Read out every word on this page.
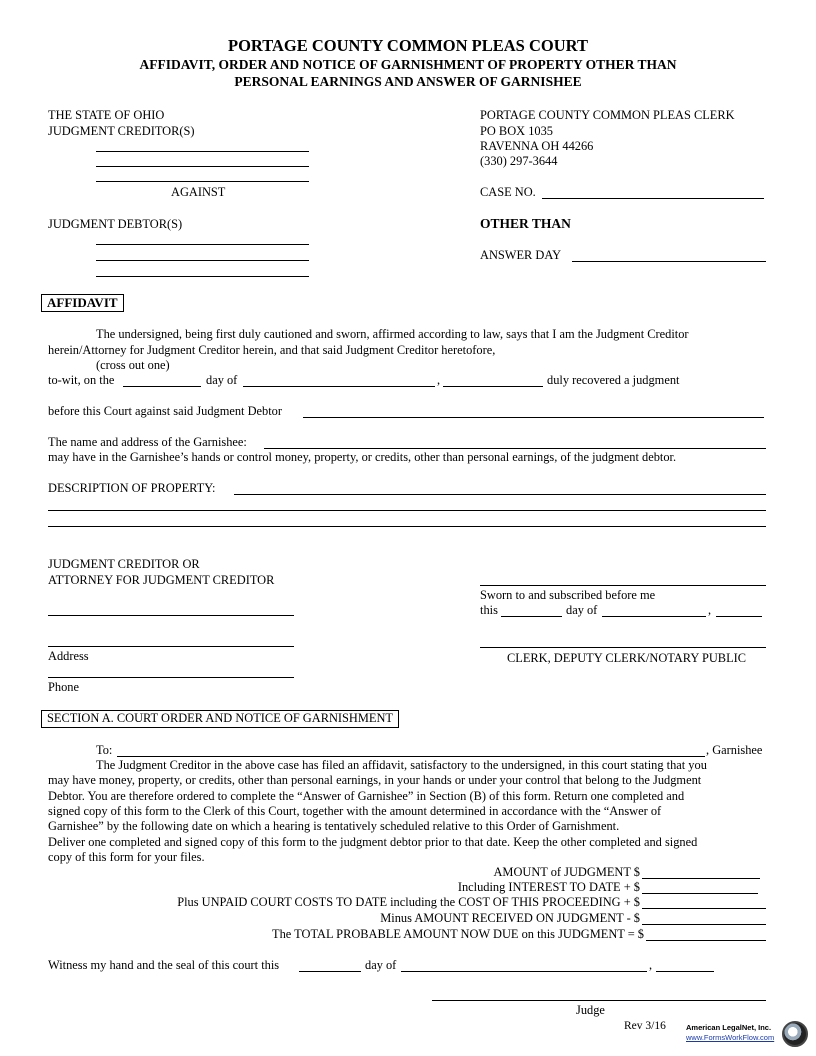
PORTAGE COUNTY COMMON PLEAS COURT
AFFIDAVIT, ORDER AND NOTICE OF GARNISHMENT OF PROPERTY OTHER THAN
PERSONAL EARNINGS AND ANSWER OF GARNISHEE
THE STATE OF OHIO
JUDGMENT CREDITOR(S)
AGAINST
JUDGMENT DEBTOR(S)
PORTAGE COUNTY COMMON PLEAS CLERK
PO BOX 1035
RAVENNA OH 44266
(330) 297-3644
CASE NO.
OTHER THAN
ANSWER DAY
AFFIDAVIT
The undersigned, being first duly cautioned and sworn, affirmed according to law, says that I am the Judgment Creditor
herein/Attorney for Judgment Creditor herein, and that said Judgment Creditor heretofore,
(cross out one)
to-wit, on the	day of	,	duly recovered a judgment
before this Court against said Judgment Debtor
The name and address of the Garnishee:
may have in the Garnishee’s hands or control money, property, or credits, other than personal earnings, of the judgment debtor.
DESCRIPTION OF PROPERTY:
JUDGMENT CREDITOR OR
ATTORNEY FOR JUDGMENT CREDITOR
Address
Phone
Sworn to and subscribed before me
this	day of	,
CLERK, DEPUTY CLERK/NOTARY PUBLIC
SECTION A. COURT ORDER AND NOTICE OF GARNISHMENT
To:	, Garnishee
The Judgment Creditor in the above case has filed an affidavit, satisfactory to the undersigned, in this court stating that you
may have money, property, or credits, other than personal earnings, in your hands or under your control that belong to the Judgment
Debtor. You are therefore ordered to complete the “Answer of Garnishee” in Section (B) of this form. Return one completed and
signed copy of this form to the Clerk of this Court, together with the amount determined in accordance with the “Answer of
Garnishee” by the following date on which a hearing is tentatively scheduled relative to this Order of Garnishment.
Deliver one completed and signed copy of this form to the judgment debtor prior to that date. Keep the other completed and signed
copy of this form for your files.
AMOUNT of JUDGMENT $
Including INTEREST TO DATE + $
Plus UNPAID COURT COSTS TO DATE including the COST OF THIS PROCEEDING + $
Minus AMOUNT RECEIVED ON JUDGMENT - $
The TOTAL PROBABLE AMOUNT NOW DUE on this JUDGMENT = $
Witness my hand and the seal of this court this	day of	,
Judge
Rev 3/16	American LegalNet, Inc.
www.FormsWorkFlow.com
